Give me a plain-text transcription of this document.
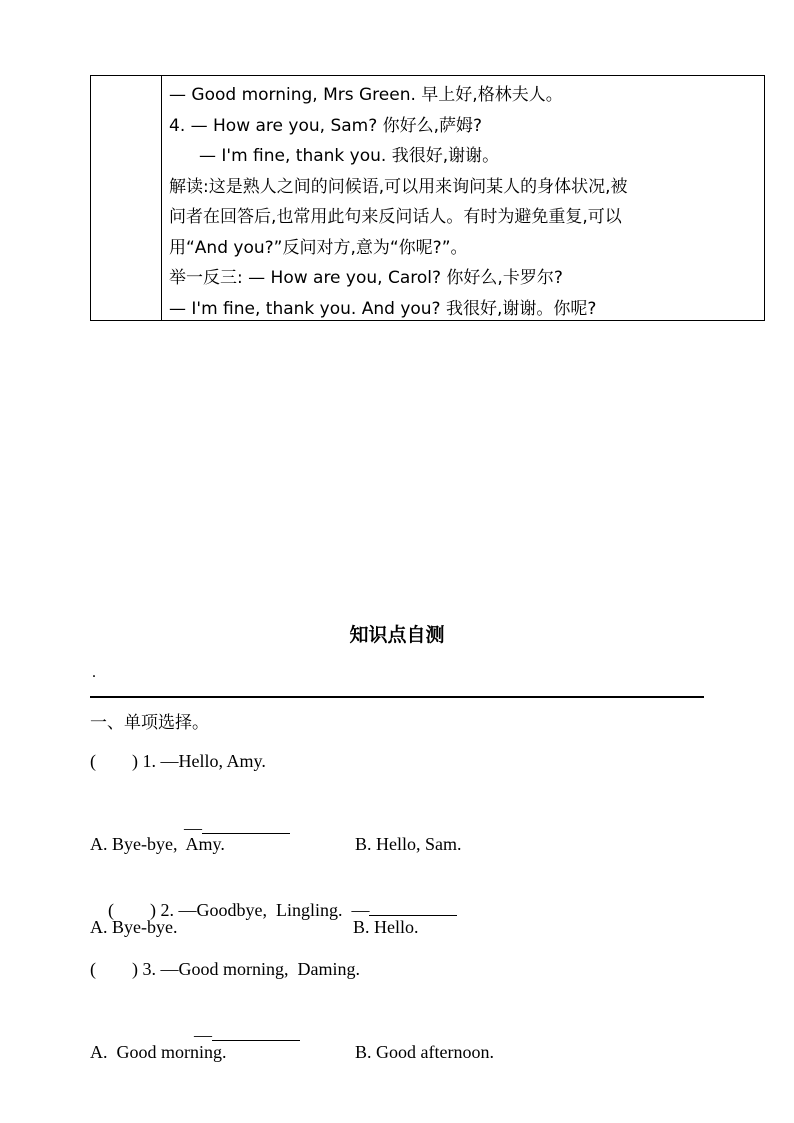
— Good morning, Mrs Green. 早上好,格林夫人。
4. — How are you, Sam? 你好么,萨姆?
— I'm fine, thank you. 我很好,谢谢。
解读:这是熟人之间的问候语,可以用来询问某人的身体状况,被
问者在回答后,也常用此句来反问话人。有时为避免重复,可以
用“And you?”反问对方,意为“你呢?”。
举一反三: — How are you, Carol? 你好么,卡罗尔?
— I'm fine, thank you. And you? 我很好,谢谢。你呢?
知识点自测
.
一、单项选择。
(        ) 1. —Hello, Amy.

—

A. Bye-bye,  Amy.	B. Hello, Sam.

(        ) 2. —Goodbye,  Lingling.  —

A. Bye-bye.	B. Hello.
(        ) 3. —Good morning,  Daming.

—

A.  Good morning.	B. Good afternoon.
